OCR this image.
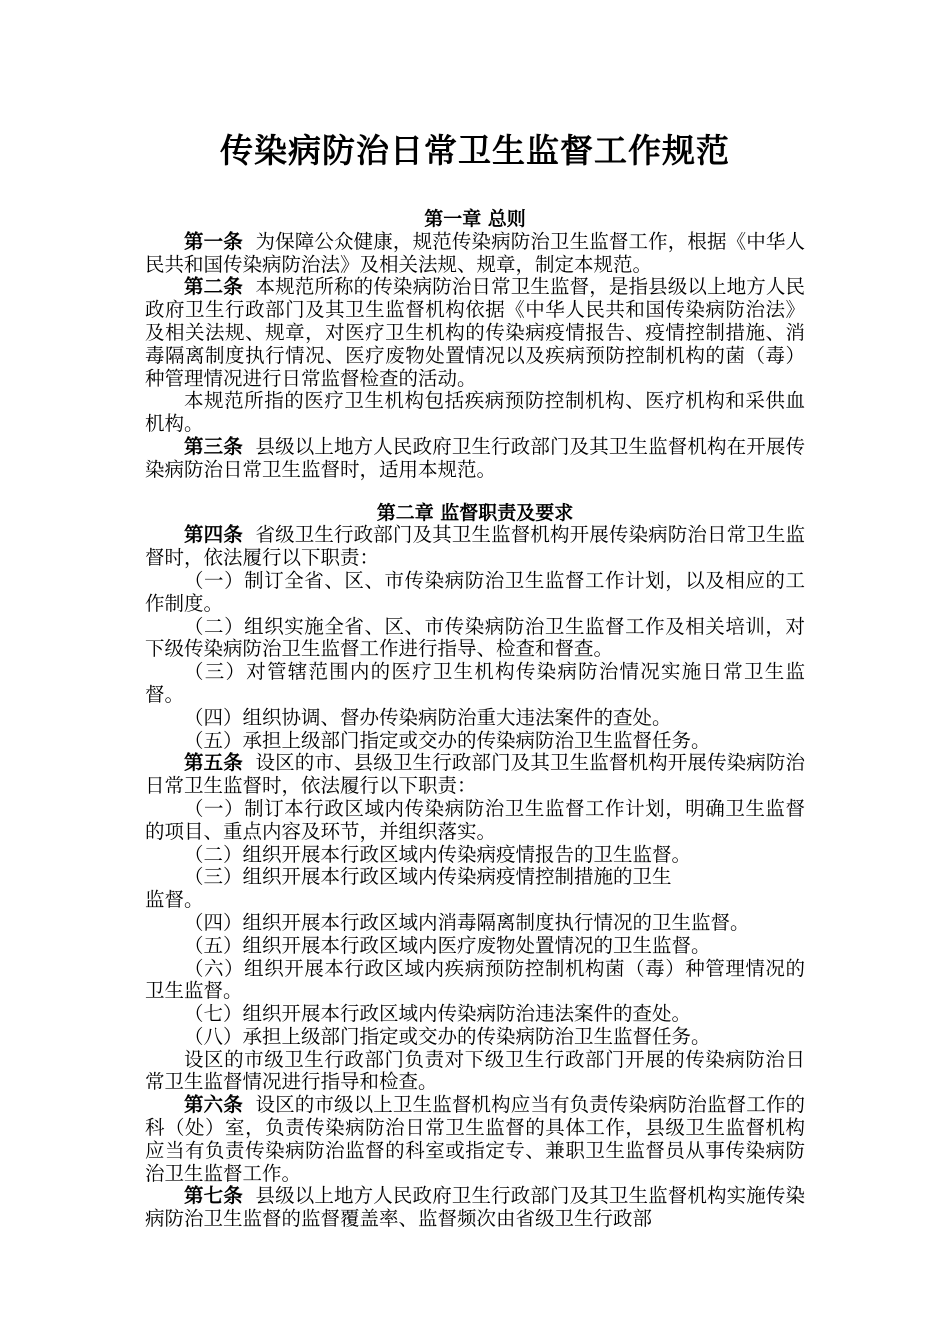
传染病防治日常卫生监督工作规范
第一章 总则

第一条 为保障公众健康，规范传染病防治卫生监督工作，根据《中华人民共和国传染病防治法》及相关法规、规章，制定本规范。

第二条 本规范所称的传染病防治日常卫生监督，是指县级以上地方人民政府卫生行政部门及其卫生监督机构依据《中华人民共和国传染病防治法》及相关法规、规章，对医疗卫生机构的传染病疫情报告、疫情控制措施、消毒隔离制度执行情况、医疗废物处置情况以及疾病预防控制机构的菌（毒）种管理情况进行日常监督检查的活动。

本规范所指的医疗卫生机构包括疾病预防控制机构、医疗机构和采供血机构。

第三条 县级以上地方人民政府卫生行政部门及其卫生监督机构在开展传染病防治日常卫生监督时，适用本规范。

第二章 监督职责及要求

第四条 省级卫生行政部门及其卫生监督机构开展传染病防治日常卫生监督时，依法履行以下职责：

（一）制订全省、区、市传染病防治卫生监督工作计划，以及相应的工作制度。

（二）组织实施全省、区、市传染病防治卫生监督工作及相关培训，对下级传染病防治卫生监督工作进行指导、检查和督查。

（三）对管辖范围内的医疗卫生机构传染病防治情况实施日常卫生监督。

（四）组织协调、督办传染病防治重大违法案件的查处。

（五）承担上级部门指定或交办的传染病防治卫生监督任务。

第五条 设区的市、县级卫生行政部门及其卫生监督机构开展传染病防治日常卫生监督时，依法履行以下职责：

（一）制订本行政区域内传染病防治卫生监督工作计划，明确卫生监督的项目、重点内容及环节，并组织落实。

（二）组织开展本行政区域内传染病疫情报告的卫生监督。

（三）组织开展本行政区域内传染病疫情控制措施的卫生

监督。

（四）组织开展本行政区域内消毒隔离制度执行情况的卫生监督。

（五）组织开展本行政区域内医疗废物处置情况的卫生监督。

（六）组织开展本行政区域内疾病预防控制机构菌（毒）种管理情况的卫生监督。

（七）组织开展本行政区域内传染病防治违法案件的查处。

（八）承担上级部门指定或交办的传染病防治卫生监督任务。

设区的市级卫生行政部门负责对下级卫生行政部门开展的传染病防治日常卫生监督情况进行指导和检查。

第六条 设区的市级以上卫生监督机构应当有负责传染病防治监督工作的科（处）室，负责传染病防治日常卫生监督的具体工作，县级卫生监督机构应当有负责传染病防治监督的科室或指定专、兼职卫生监督员从事传染病防治卫生监督工作。

第七条 县级以上地方人民政府卫生行政部门及其卫生监督机构实施传染病防治卫生监督的监督覆盖率、监督频次由省级卫生行政部
